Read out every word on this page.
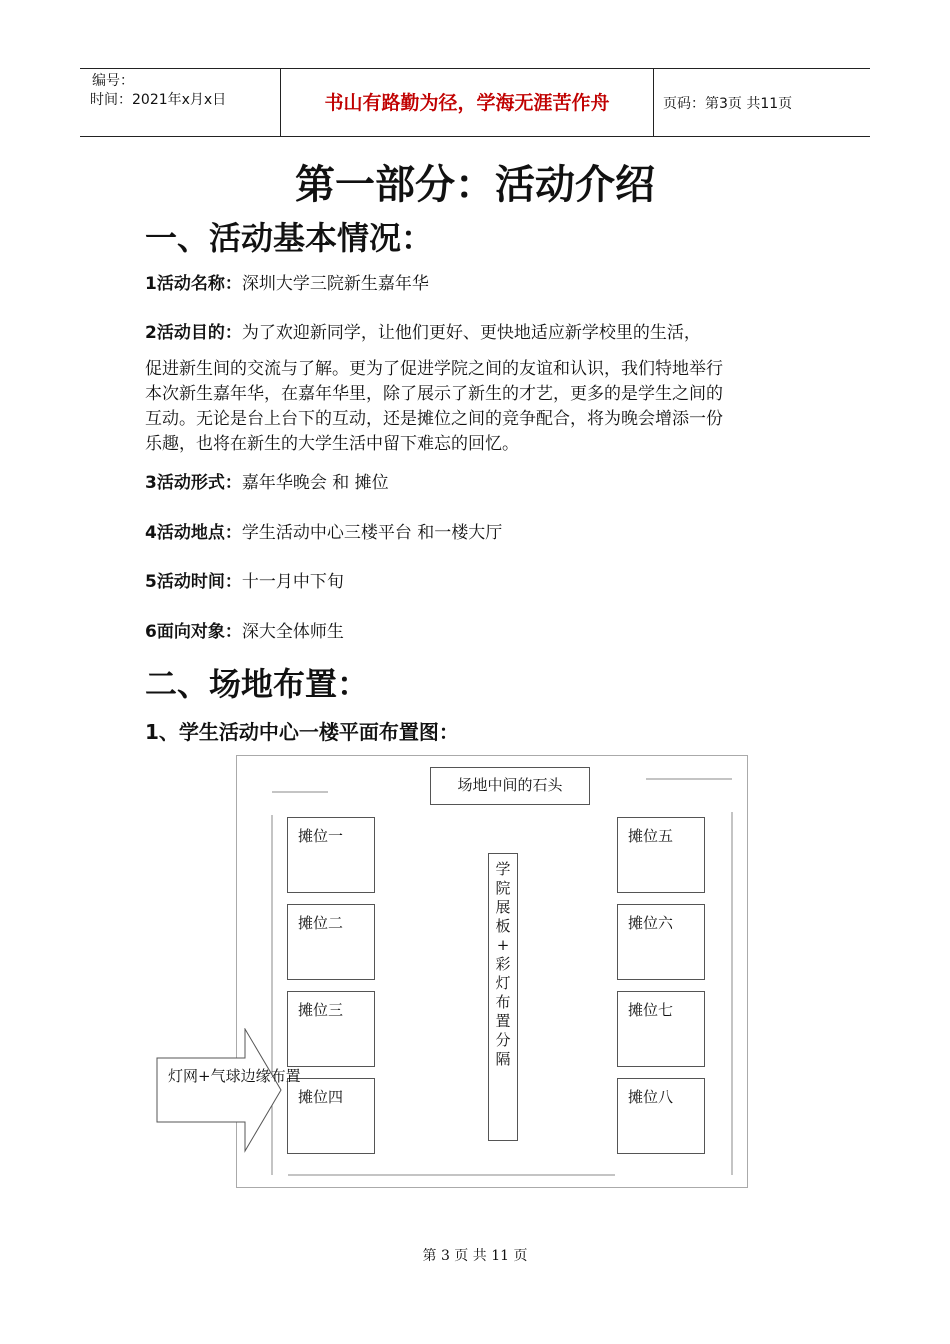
编号：
时间：2021年x月x日	书山有路勤为径，学海无涯苦作舟	页码：第3页 共11页
第一部分：活动介绍
一、活动基本情况：
1活动名称：深圳大学三院新生嘉年华
2活动目的：为了欢迎新同学，让他们更好、更快地适应新学校里的生活，
促进新生间的交流与了解。更为了促进学院之间的友谊和认识，我们特地举行
本次新生嘉年华，在嘉年华里，除了展示了新生的才艺，更多的是学生之间的
互动。无论是台上台下的互动，还是摊位之间的竞争配合，将为晚会增添一份
乐趣，也将在新生的大学生活中留下难忘的回忆。
3活动形式：嘉年华晚会 和 摊位
4活动地点：学生活动中心三楼平台 和一楼大厅
5活动时间：十一月中下旬
6面向对象：深大全体师生
二、场地布置：
1、学生活动中心一楼平面布置图：
场地中间的石头
摊位一
摊位二
摊位三
摊位四
摊位五
摊位六
摊位七
摊位八
学
院
展
板
+
彩
灯
布
置
分
隔
灯网+气球边缘布置
第 3 页 共 11 页
